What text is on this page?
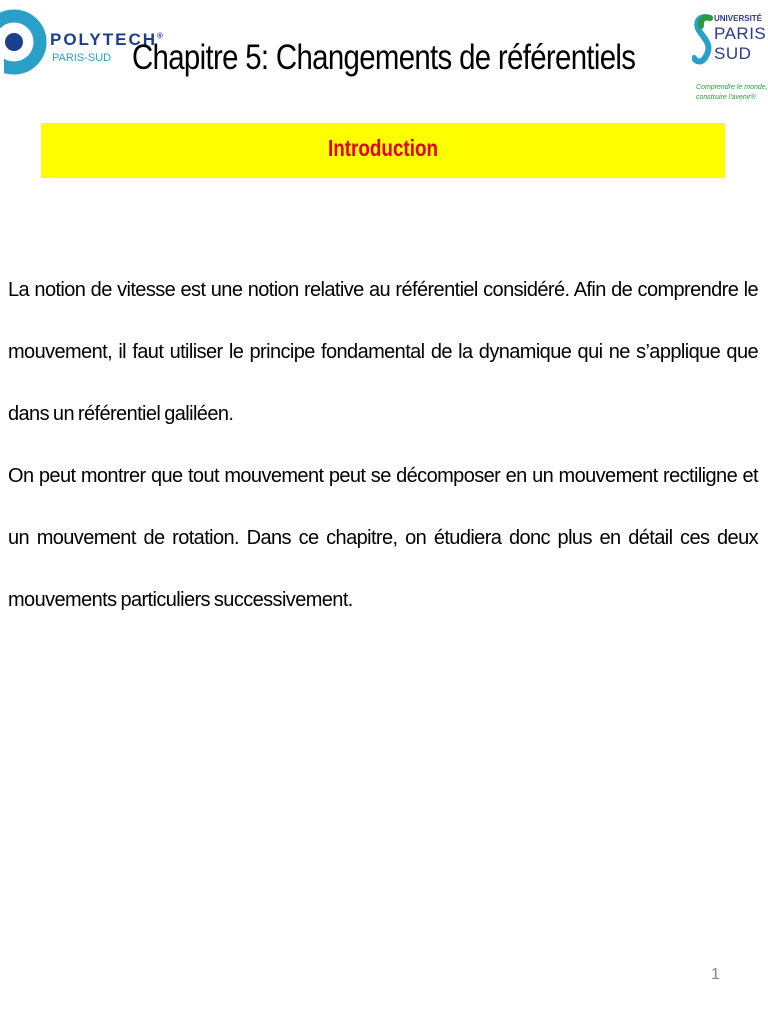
POLYTECH®
PARIS-SUD Chapitre 5: Changements de référentiels
UNIVERSITÉ
PARIS
SUD
Comprendre le monde,
construire l'avenir®
Introduction

La notion de vitesse est une notion relative au référentiel considéré. Afin de comprendre le mouvement, il faut utiliser le principe fondamental de la dynamique qui ne s’applique que dans un référentiel galiléen.

On peut montrer que tout mouvement peut se décomposer en un mouvement rectiligne et un mouvement de rotation. Dans ce chapitre, on étudiera donc plus en détail ces deux mouvements particuliers successivement.

1
